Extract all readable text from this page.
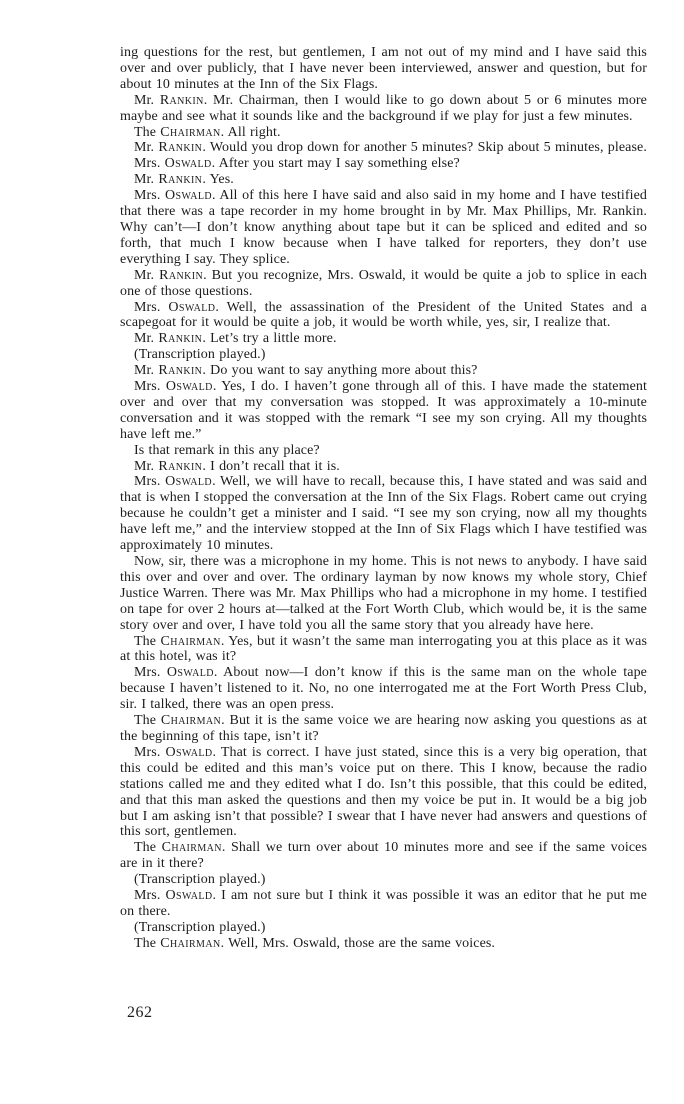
ing questions for the rest, but gentlemen, I am not out of my mind and I have said this over and over publicly, that I have never been interviewed, answer and question, but for about 10 minutes at the Inn of the Six Flags.

Mr. Rankin. Mr. Chairman, then I would like to go down about 5 or 6 minutes more maybe and see what it sounds like and the background if we play for just a few minutes.

The Chairman. All right.

Mr. Rankin. Would you drop down for another 5 minutes? Skip about 5 minutes, please.

Mrs. Oswald. After you start may I say something else?

Mr. Rankin. Yes.

Mrs. Oswald. All of this here I have said and also said in my home and I have testified that there was a tape recorder in my home brought in by Mr. Max Phillips, Mr. Rankin. Why can’t—I don’t know anything about tape but it can be spliced and edited and so forth, that much I know because when I have talked for reporters, they don’t use everything I say. They splice.

Mr. Rankin. But you recognize, Mrs. Oswald, it would be quite a job to splice in each one of those questions.

Mrs. Oswald. Well, the assassination of the President of the United States and a scapegoat for it would be quite a job, it would be worth while, yes, sir, I realize that.

Mr. Rankin. Let’s try a little more.

(Transcription played.)

Mr. Rankin. Do you want to say anything more about this?

Mrs. Oswald. Yes, I do. I haven’t gone through all of this. I have made the statement over and over that my conversation was stopped. It was approximately a 10-minute conversation and it was stopped with the remark “I see my son crying. All my thoughts have left me.”

Is that remark in this any place?

Mr. Rankin. I don’t recall that it is.

Mrs. Oswald. Well, we will have to recall, because this, I have stated and was said and that is when I stopped the conversation at the Inn of the Six Flags. Robert came out crying because he couldn’t get a minister and I said. “I see my son crying, now all my thoughts have left me,” and the interview stopped at the Inn of Six Flags which I have testified was approximately 10 minutes.

Now, sir, there was a microphone in my home. This is not news to anybody. I have said this over and over and over. The ordinary layman by now knows my whole story, Chief Justice Warren. There was Mr. Max Phillips who had a microphone in my home. I testified on tape for over 2 hours at—talked at the Fort Worth Club, which would be, it is the same story over and over, I have told you all the same story that you already have here.

The Chairman. Yes, but it wasn’t the same man interrogating you at this place as it was at this hotel, was it?

Mrs. Oswald. About now—I don’t know if this is the same man on the whole tape because I haven’t listened to it. No, no one interrogated me at the Fort Worth Press Club, sir. I talked, there was an open press.

The Chairman. But it is the same voice we are hearing now asking you questions as at the beginning of this tape, isn’t it?

Mrs. Oswald. That is correct. I have just stated, since this is a very big operation, that this could be edited and this man’s voice put on there. This I know, because the radio stations called me and they edited what I do. Isn’t this possible, that this could be edited, and that this man asked the questions and then my voice be put in. It would be a big job but I am asking isn’t that possible? I swear that I have never had answers and questions of this sort, gentlemen.

The Chairman. Shall we turn over about 10 minutes more and see if the same voices are in it there?

(Transcription played.)

Mrs. Oswald. I am not sure but I think it was possible it was an editor that he put me on there.

(Transcription played.)

The Chairman. Well, Mrs. Oswald, those are the same voices.

262
